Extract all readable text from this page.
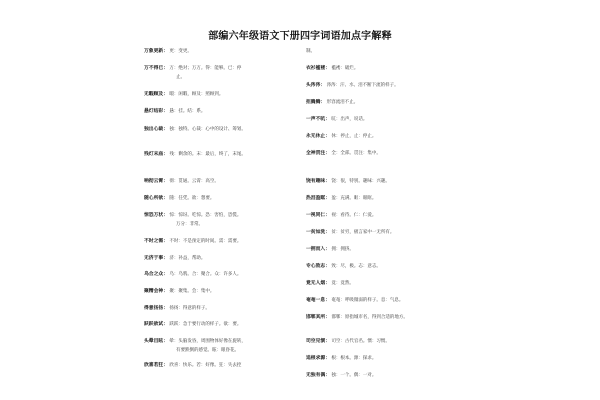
部编六年级语文下册四字词语加点字解释
万象更新： 更：变更。
万不得已： 万：绝对；万万。得：能够。已：停
止。
无暇顾及： 暇：闲暇，顾及：照顾到。
悬灯结彩： 悬：挂。结：系。
独出心裁： 独：独特。心裁：心中的设计、筹划。
残灯末庙： 残：剩余的。末：最后，终了，末尾。
响彻云霄： 彻：贯通。云霄：高空。
随心所欲： 随：任凭。欲：想要。
惊恐万状： 惊：惊讶。吃惊。恐：害怕，恐慌。
万分：非常。
不时之需： 不时：不是预定的时间。需：需要。
无济于事： 济：补益，帮助。
乌合之众： 乌：乌鸦。合：聚合。众：许多人。
聚精会神： 聚：聚集。会：集中。
得意扬扬： 扬扬：得意的样子。
跃跃欲试： 跃跃：急于要行动的样子。欲：要。
头晕目眩： 晕：头脑发昏，周围物体好像在旋转，
有要跌倒的感觉。眩：眼昏花。
欣喜若狂： 欣喜：快乐。若：好像。狂：失去控
制。
衣衫褴褛： 褴褛：破烂。
头涔涔： 涔涔：汗、水、泪不断下流的样子。
拒腾腾： 形容流泪不止。
一声不吭： 吭：出声，说话。
永无休止： 休：停止，止：停止。
全神贯注： 全：全部。贯注：集中。
饶有趣味： 饶：很，特别。趣味：兴趣。
热泪盈眶： 盈：充满。眶：眼眶。
一视同仁： 视：看待。仁：仁爱。
一贫如洗： 贫：贫穷，极言家中一无所有。
一拥而入： 拥：拥挤。
专心致志： 致：尽，极。志：意志。
竟无人烟： 竟：竟然。
奄奄一息： 奄奄：呼吸微弱的样子。息：气息。
邯郸其所： 邯郸：原指城市名，得到合适的地方。
司空见惯： 司空：古代官名。惯：习惯。
追根求源： 根：根本。源：探求。
无独有偶： 独：一个。偶：一对。
